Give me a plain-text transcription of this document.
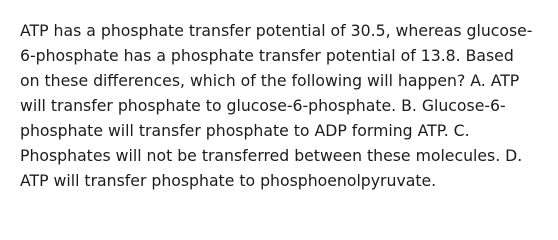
ATP has a phosphate transfer potential of 30.5, whereas glucose-
6-phosphate has a phosphate transfer potential of 13.8. Based
on these differences, which of the following will happen? A. ATP
will transfer phosphate to glucose-6-phosphate. B. Glucose-6-
phosphate will transfer phosphate to ADP forming ATP. C.
Phosphates will not be transferred between these molecules. D.
ATP will transfer phosphate to phosphoenolpyruvate.
